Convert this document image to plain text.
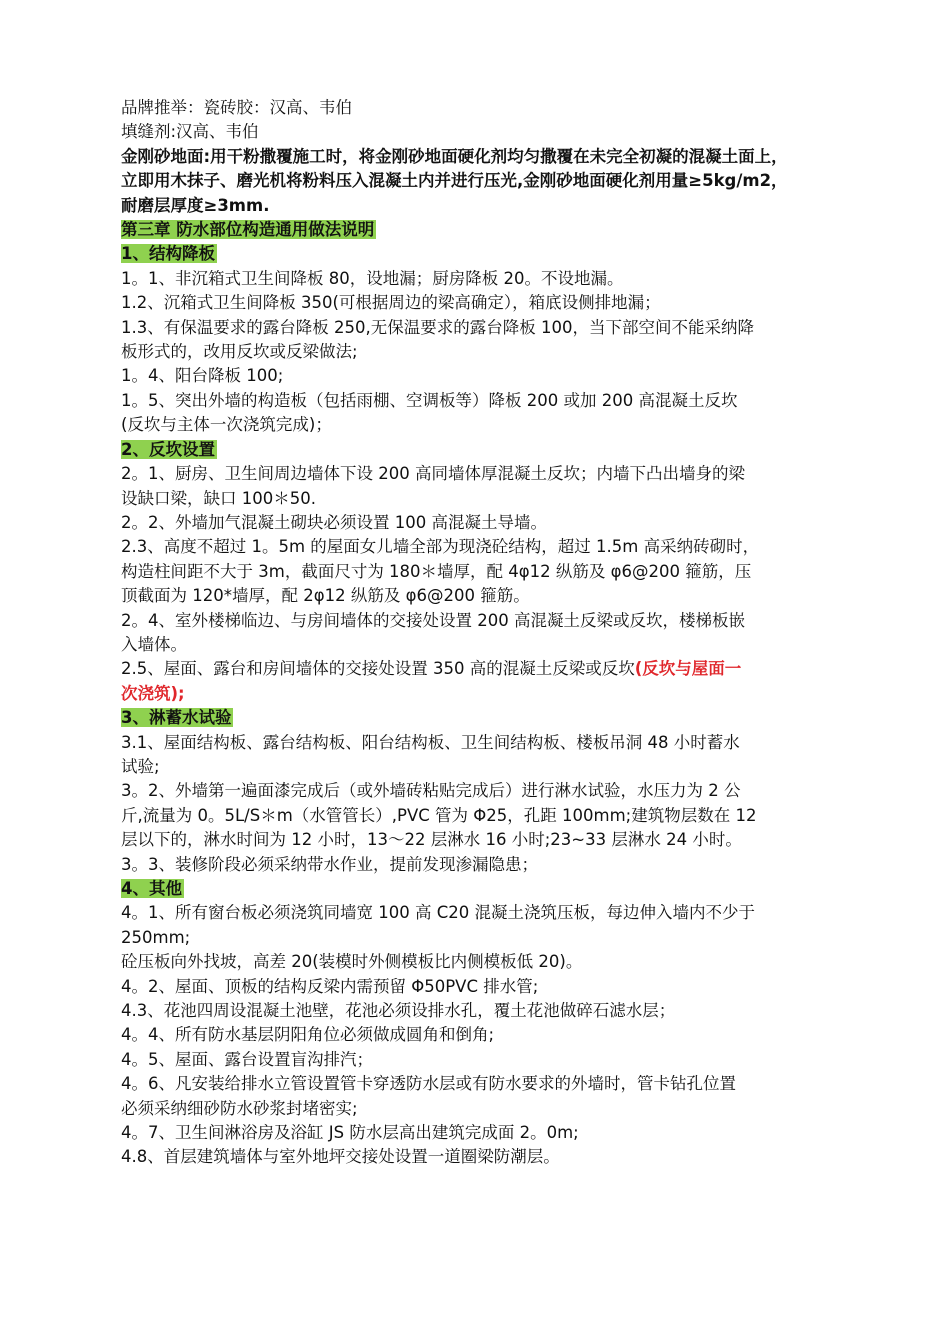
品牌推举：瓷砖胶：汉高、韦伯

填缝剂:汉高、韦伯

金刚砂地面:用干粉撒覆施工时，将金刚砂地面硬化剂均匀撒覆在未完全初凝的混凝土面上，

立即用木抹子、磨光机将粉料压入混凝土内并进行压光,金刚砂地面硬化剂用量≥5kg/m2，

耐磨层厚度≥3mm.

第三章 防水部位构造通用做法说明

1、结构降板

1。1、非沉箱式卫生间降板 80，设地漏；厨房降板 20。不设地漏。

1.2、沉箱式卫生间降板 350(可根据周边的梁高确定），箱底设侧排地漏；

1.3、有保温要求的露台降板 250,无保温要求的露台降板 100，当下部空间不能采纳降

板形式的，改用反坎或反梁做法;

1。4、阳台降板 100;

1。5、突出外墙的构造板（包括雨棚、空调板等）降板 200 或加 200 高混凝土反坎

(反坎与主体一次浇筑完成)；

2、反坎设置

2。1、厨房、卫生间周边墙体下设 200 高同墙体厚混凝土反坎；内墙下凸出墙身的梁

设缺口梁，缺口 100＊50.

2。2、外墙加气混凝土砌块必须设置 100 高混凝土导墙。

2.3、高度不超过 1。5m 的屋面女儿墙全部为现浇砼结构，超过 1.5m 高采纳砖砌时，

构造柱间距不大于 3m，截面尺寸为 180＊墙厚，配 4φ12 纵筋及 φ6@200 箍筋，压

顶截面为 120*墙厚，配 2φ12 纵筋及 φ6@200 箍筋。

2。4、室外楼梯临边、与房间墙体的交接处设置 200 高混凝土反梁或反坎，楼梯板嵌

入墙体。

2.5、屋面、露台和房间墙体的交接处设置 350 高的混凝土反梁或反坎(反坎与屋面一

次浇筑);

3、淋蓄水试验

3.1、屋面结构板、露台结构板、阳台结构板、卫生间结构板、楼板吊洞 48 小时蓄水

试验;

3。2、外墙第一遍面漆完成后（或外墙砖粘贴完成后）进行淋水试验，水压力为 2 公

斤,流量为 0。5L/S＊m（水管管长）,PVC 管为 Φ25，孔距 100mm;建筑物层数在 12

层以下的，淋水时间为 12 小时，13～22 层淋水 16 小时;23~33 层淋水 24 小时。

3。3、装修阶段必须采纳带水作业，提前发现渗漏隐患；

4、其他

4。1、所有窗台板必须浇筑同墙宽 100 高 C20 混凝土浇筑压板，每边伸入墙内不少于

250mm;

砼压板向外找坡，高差 20(装模时外侧模板比内侧模板低 20)。

4。2、屋面、顶板的结构反梁内需预留 Φ50PVC 排水管;

4.3、花池四周设混凝土池壁，花池必须设排水孔，覆土花池做碎石滤水层；

4。4、所有防水基层阴阳角位必须做成圆角和倒角;

4。5、屋面、露台设置盲沟排汽；

4。6、凡安装给排水立管设置管卡穿透防水层或有防水要求的外墙时，管卡钻孔位置

必须采纳细砂防水砂浆封堵密实;

4。7、卫生间淋浴房及浴缸 JS 防水层高出建筑完成面 2。0m;

4.8、首层建筑墙体与室外地坪交接处设置一道圈梁防潮层。
